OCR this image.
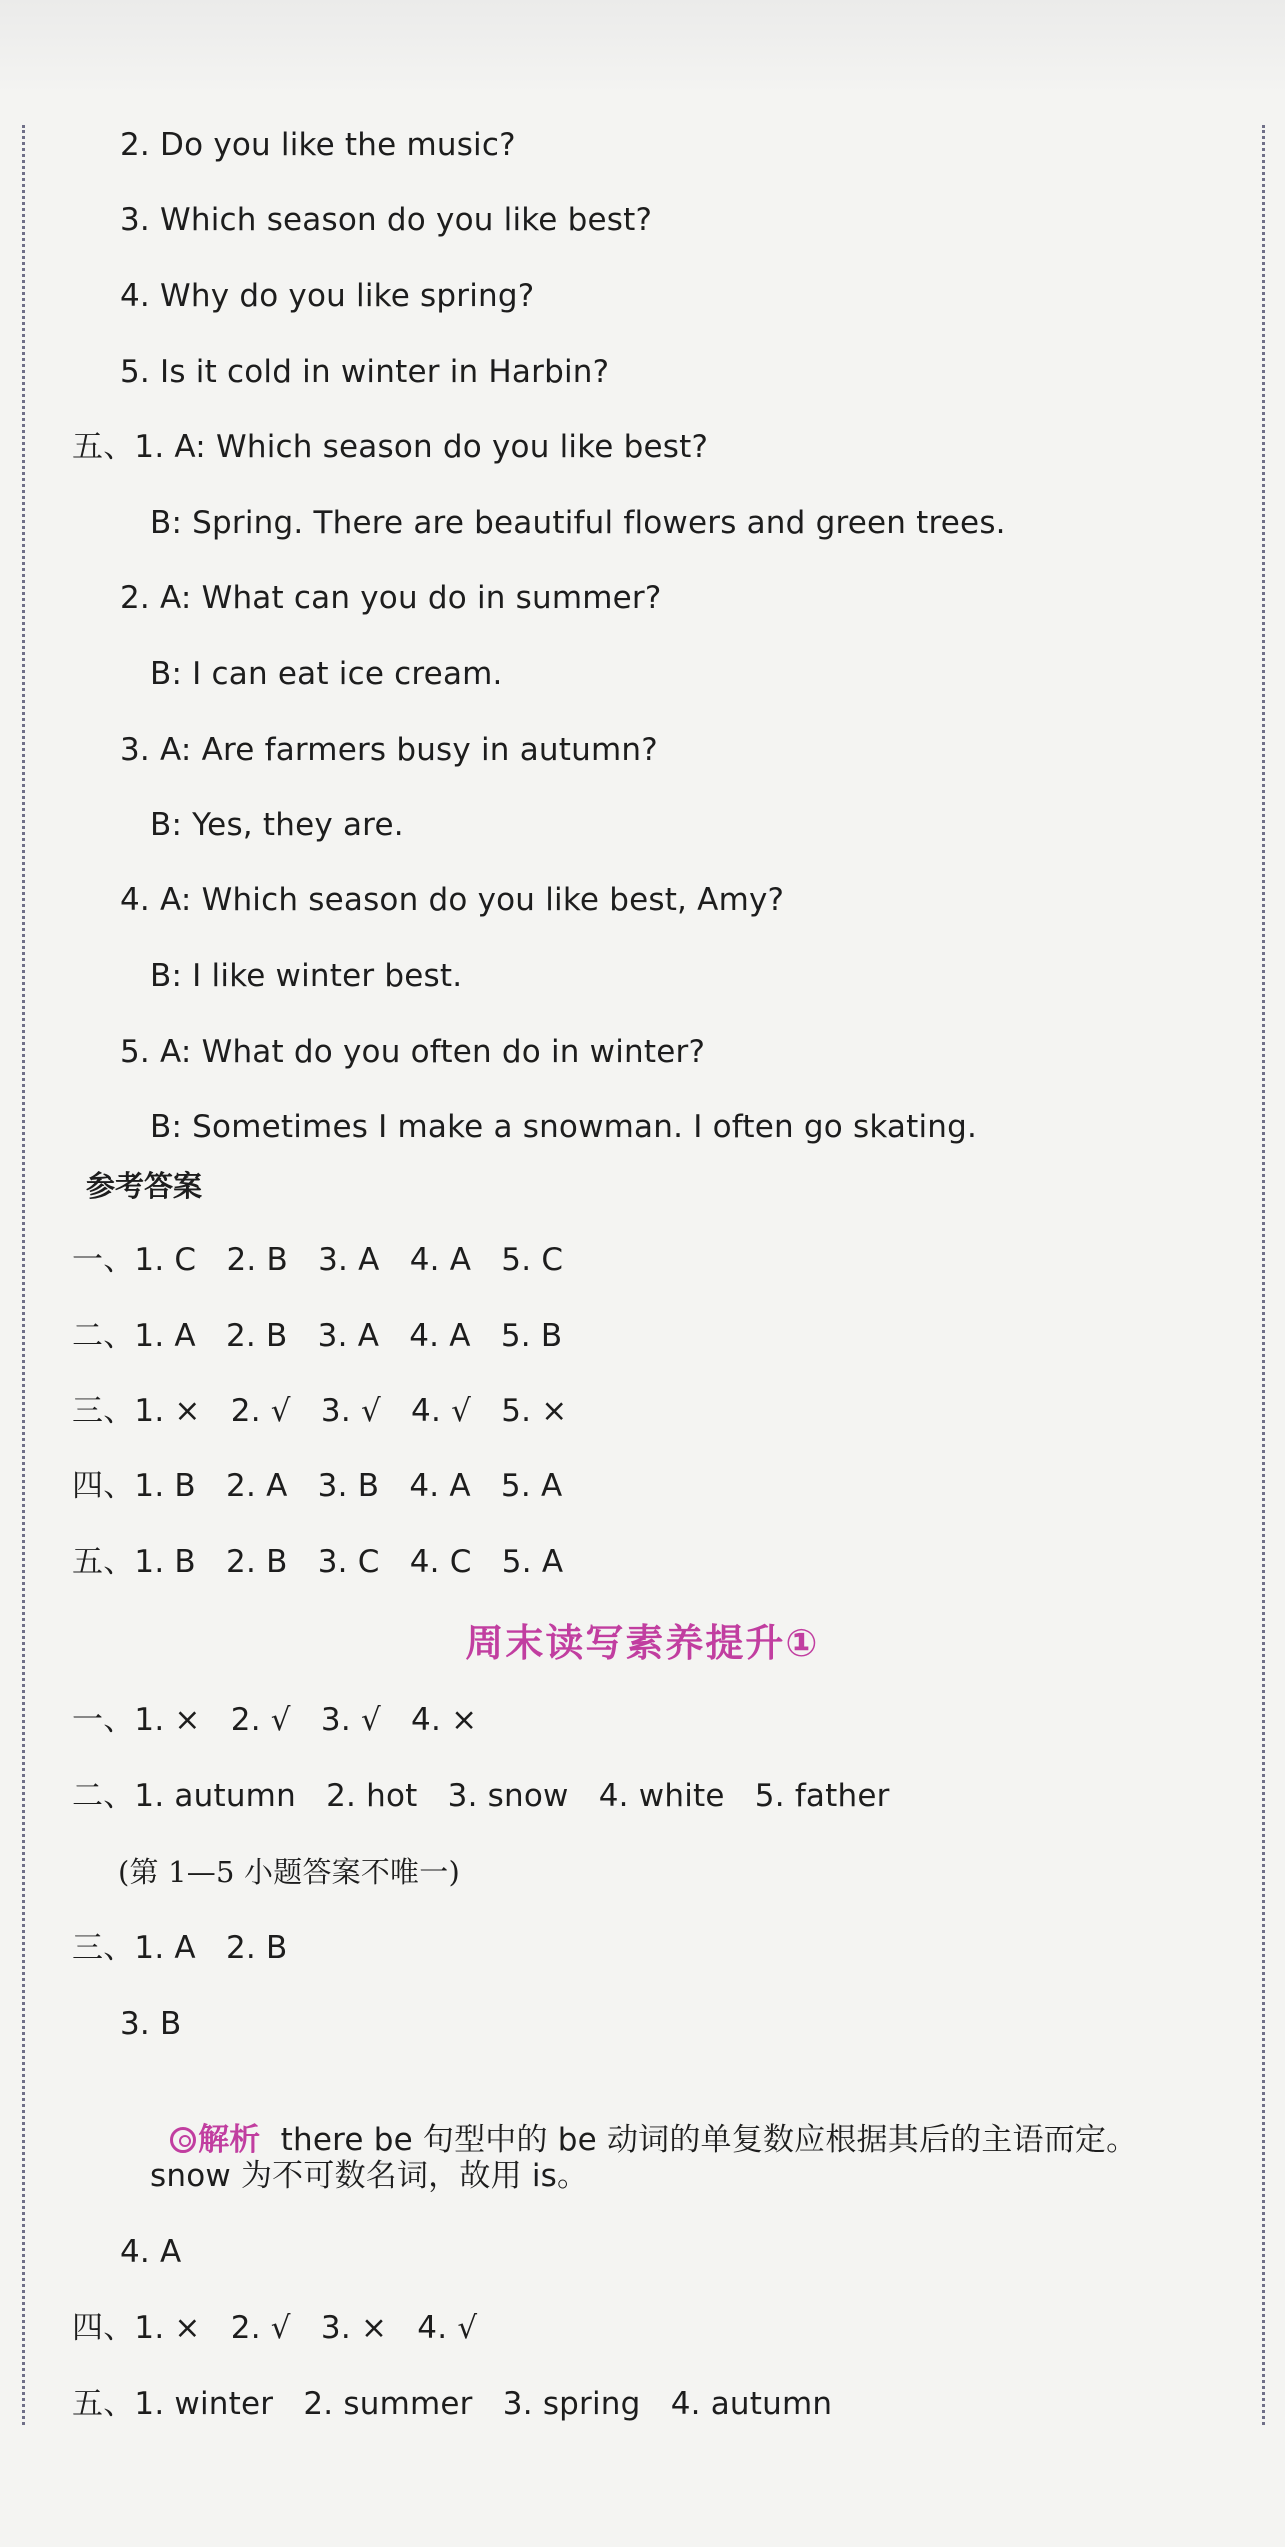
2. Do you like the music?
3. Which season do you like best?
4. Why do you like spring?
5. Is it cold in winter in Harbin?
五、1. A: Which season do you like best?
B: Spring. There are beautiful flowers and green trees.
2. A: What can you do in summer?
B: I can eat ice cream.
3. A: Are farmers busy in autumn?
B: Yes, they are.
4. A: Which season do you like best, Amy?
B: I like winter best.
5. A: What do you often do in winter?
B: Sometimes I make a snowman. I often go skating.
参考答案
一、1. C   2. B   3. A   4. A   5. C
二、1. A   2. B   3. A   4. A   5. B
三、1. ×   2. √   3. √   4. √   5. ×
四、1. B   2. A   3. B   4. A   5. A
五、1. B   2. B   3. C   4. C   5. A
周末读写素养提升①
一、1. ×   2. √   3. √   4. ×
二、1. autumn   2. hot   3. snow   4. white   5. father
(第 1—5 小题答案不唯一)
三、1. A   2. B
3. B

解析 there be 句型中的 be 动词的单复数应根据其后的主语而定。

snow 为不可数名词，故用 is。
4. A
四、1. ×   2. √   3. ×   4. √
五、1. winter   2. summer   3. spring   4. autumn
